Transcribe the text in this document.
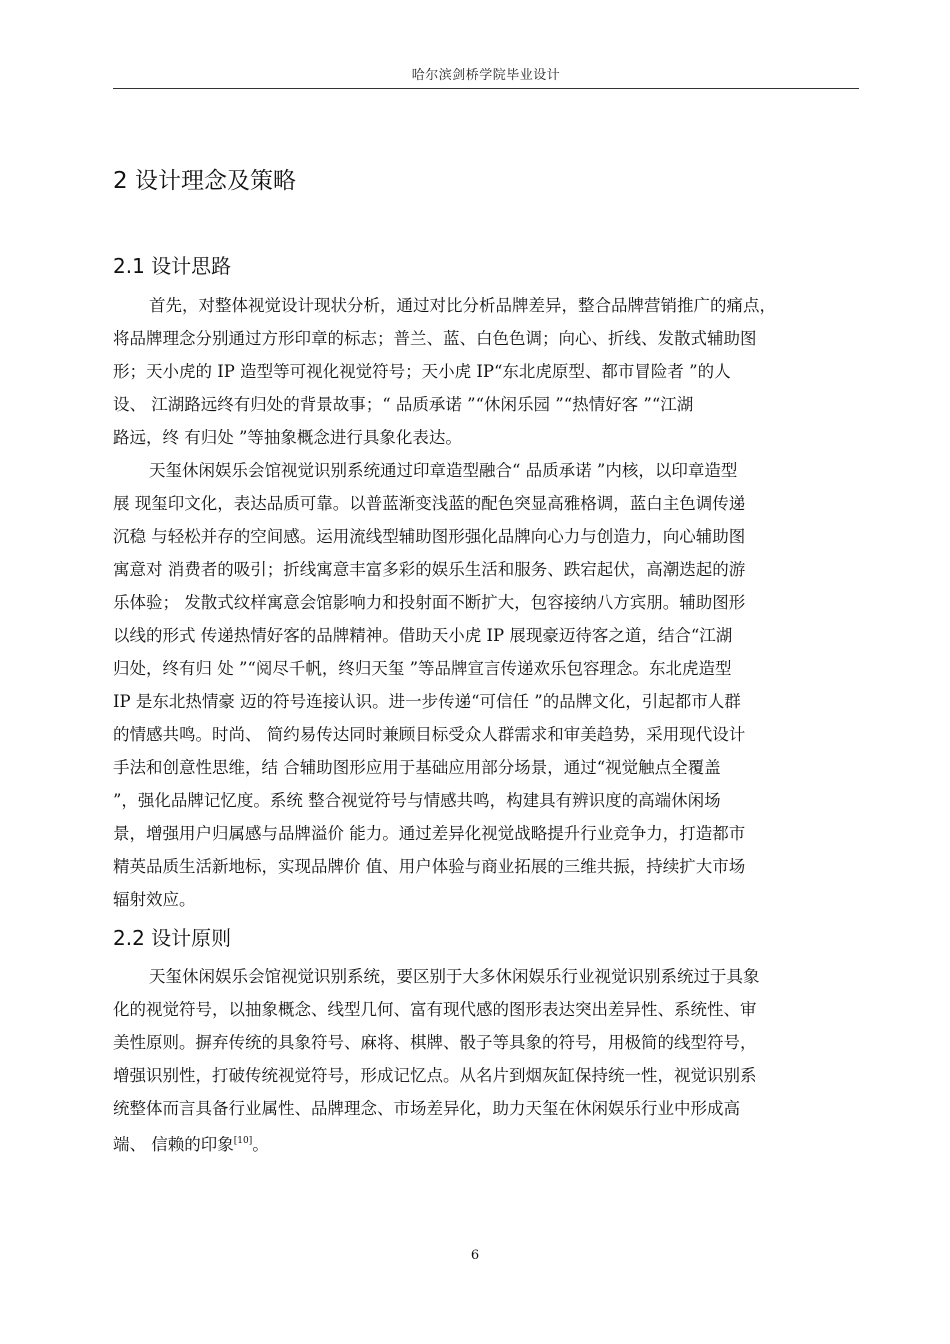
哈尔滨剑桥学院毕业设计
2 设计理念及策略
2.1 设计思路
首先，对整体视觉设计现状分析，通过对比分析品牌差异，整合品牌营销推广的痛点，
将品牌理念分别通过方形印章的标志；普兰、蓝、白色色调；向心、折线、发散式辅助图
形；天小虎的 IP 造型等可视化视觉符号；天小虎 IP“东北虎原型、都市冒险者 ”的人
设、 江湖路远终有归处的背景故事；“ 品质承诺 ”“休闲乐园 ”“热情好客 ”“江湖
路远，终 有归处 ”等抽象概念进行具象化表达。
天玺休闲娱乐会馆视觉识别系统通过印章造型融合“ 品质承诺 ”内核，以印章造型
展 现玺印文化，表达品质可靠。以普蓝渐变浅蓝的配色突显高雅格调，蓝白主色调传递
沉稳 与轻松并存的空间感。运用流线型辅助图形强化品牌向心力与创造力，向心辅助图
寓意对 消费者的吸引；折线寓意丰富多彩的娱乐生活和服务、跌宕起伏，高潮迭起的游
乐体验； 发散式纹样寓意会馆影响力和投射面不断扩大，包容接纳八方宾朋。辅助图形
以线的形式 传递热情好客的品牌精神。借助天小虎 IP 展现豪迈待客之道，结合“江湖
归处，终有归 处 ”“阅尽千帆，终归天玺 ”等品牌宣言传递欢乐包容理念。东北虎造型
IP 是东北热情豪 迈的符号连接认识。进一步传递“可信任 ”的品牌文化，引起都市人群
的情感共鸣。时尚、 简约易传达同时兼顾目标受众人群需求和审美趋势，采用现代设计
手法和创意性思维，结 合辅助图形应用于基础应用部分场景，通过“视觉触点全覆盖
”，强化品牌记忆度。系统 整合视觉符号与情感共鸣，构建具有辨识度的高端休闲场
景，增强用户归属感与品牌溢价 能力。通过差异化视觉战略提升行业竞争力，打造都市
精英品质生活新地标，实现品牌价 值、用户体验与商业拓展的三维共振，持续扩大市场
辐射效应。
2.2 设计原则
天玺休闲娱乐会馆视觉识别系统，要区别于大多休闲娱乐行业视觉识别系统过于具象
化的视觉符号，以抽象概念、线型几何、富有现代感的图形表达突出差异性、系统性、审
美性原则。摒弃传统的具象符号、麻将、棋牌、骰子等具象的符号，用极简的线型符号，
增强识别性，打破传统视觉符号，形成记忆点。从名片到烟灰缸保持统一性，视觉识别系
统整体而言具备行业属性、品牌理念、市场差异化，助力天玺在休闲娱乐行业中形成高
端、 信赖的印象[10]。
6
